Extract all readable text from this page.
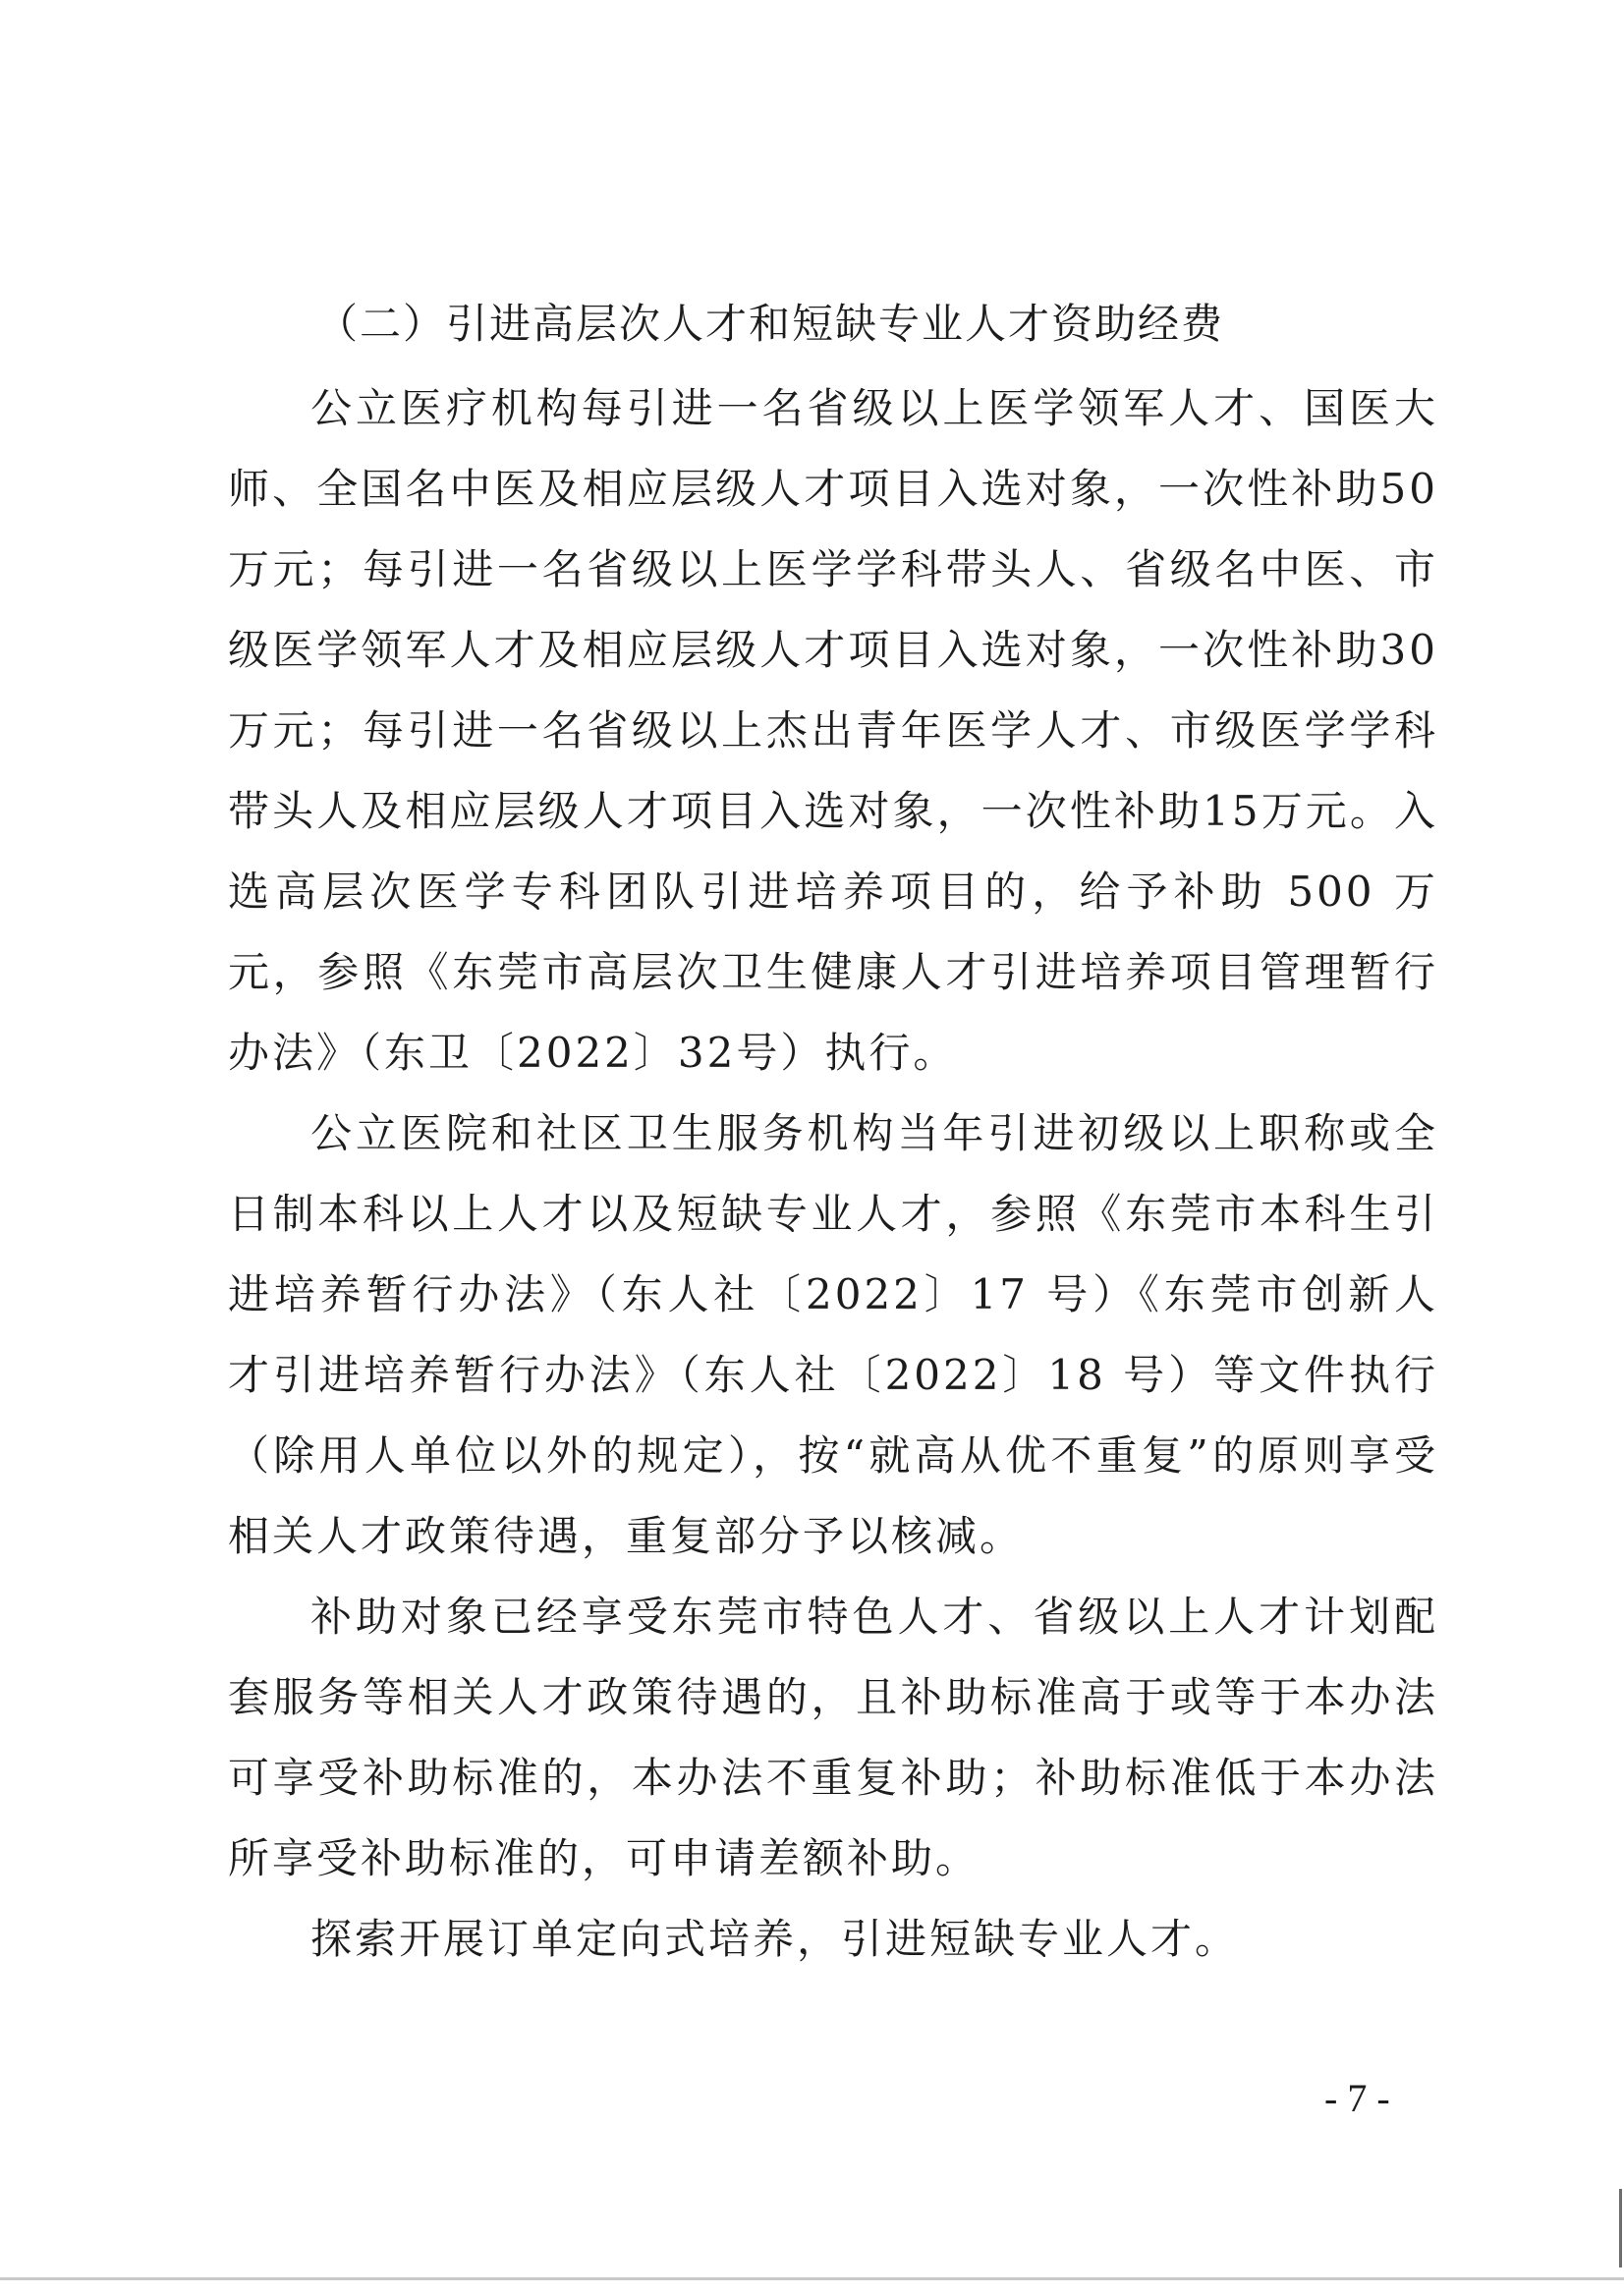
（二）引进高层次人才和短缺专业人才资助经费

公立医疗机构每引进一名省级以上医学领军人才、国医大师、全国名中医及相应层级人才项目入选对象，一次性补助50万元；每引进一名省级以上医学学科带头人、省级名中医、市级医学领军人才及相应层级人才项目入选对象，一次性补助30万元；每引进一名省级以上杰出青年医学人才、市级医学学科带头人及相应层级人才项目入选对象，一次性补助15万元。入选高层次医学专科团队引进培养项目的，给予补助 500 万元，参照《东莞市高层次卫生健康人才引进培养项目管理暂行办法》（东卫〔2022〕32号）执行。

公立医院和社区卫生服务机构当年引进初级以上职称或全日制本科以上人才以及短缺专业人才，参照《东莞市本科生引进培养暂行办法》（东人社〔2022〕17 号）《东莞市创新人才引进培养暂行办法》（东人社〔2022〕18 号）等文件执行（除用人单位以外的规定），按“就高从优不重复”的原则享受相关人才政策待遇，重复部分予以核减。

补助对象已经享受东莞市特色人才、省级以上人才计划配套服务等相关人才政策待遇的，且补助标准高于或等于本办法可享受补助标准的，本办法不重复补助；补助标准低于本办法所享受补助标准的，可申请差额补助。

探索开展订单定向式培养，引进短缺专业人才。

- 7 -
